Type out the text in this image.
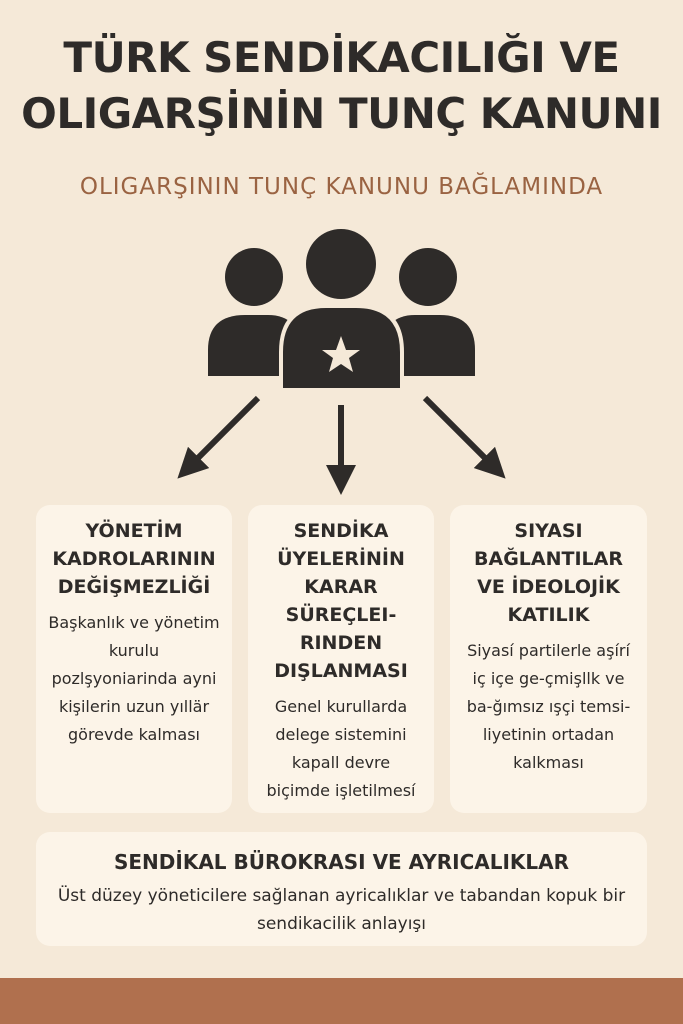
TÜRK SENDİKACILIĞI VE
OLIGARŞİNİN TUNÇ KANUNI
OLIGARŞININ TUNÇ KANUNU BAĞLAMINDA
YÖNETİM KADROLARININ DEĞİŞMEZLİĞİ
Başkanlık ve yönetim kurulu pozlşyoniarinda ayni kişilerin uzun yıllär görevde kalması
SENDİKA ÜYELERİNİN KARAR SÜREÇLEI-RINDEN DIŞLANMASI
Genel kurullarda delege sistemini kapall devre biçimde işletilmesí
SIYASI BAĞLANTILAR VE İDEOLOJİK KATILIK
Siyasí partilerle aşírí iç içe ge-çmişllk ve ba-ğımsız ışçi temsi-liyetinin ortadan kalkması
SENDİKAL BÜROKRASI VE AYRICALIKLAR
Üst düzey yöneticilere sağlanan ayricalıklar ve tabandan kopuk bir sendikacilik anlayışı
